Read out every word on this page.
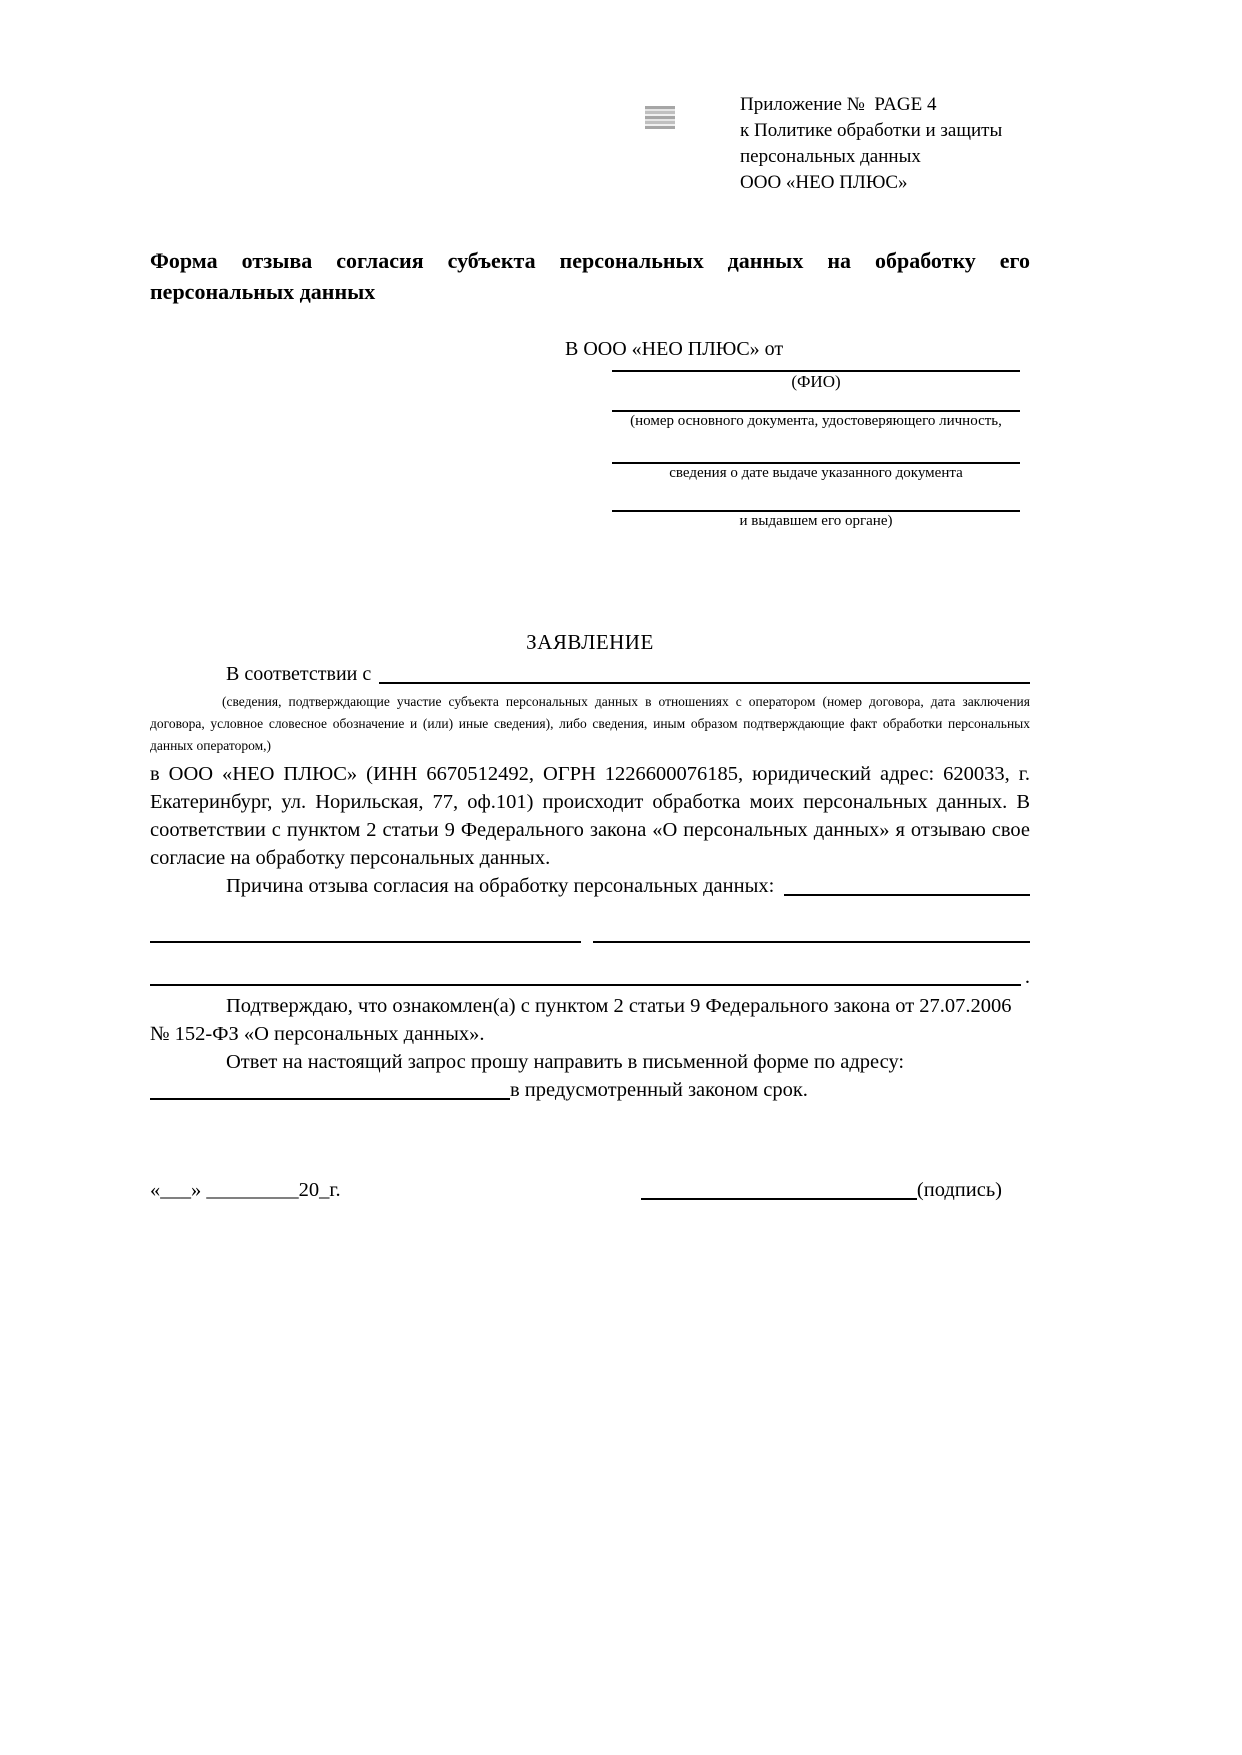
Приложение №  PAGE 4
к Политике обработки и защиты
персональных данных
ООО «НЕО ПЛЮС»
Форма отзыва согласия субъекта персональных данных на обработку его персональных данных
В ООО «НЕО ПЛЮС» от
(ФИО)
(номер основного документа, удостоверяющего личность,
сведения о дате выдаче указанного документа
и выдавшем его органе)
ЗАЯВЛЕНИЕ
В соответствии с
(сведения, подтверждающие участие субъекта персональных данных в отношениях с оператором (номер договора, дата заключения договора, условное словесное обозначение и (или) иные сведения), либо сведения, иным образом подтверждающие факт обработки персональных данных оператором,)
в ООО «НЕО ПЛЮС» (ИНН 6670512492, ОГРН 1226600076185, юридический адрес: 620033, г. Екатеринбург, ул. Норильская, 77, оф.101) происходит обработка моих персональных данных. В соответствии с пунктом 2 статьи 9 Федерального закона «О персональных данных» я отзываю свое согласие на обработку персональных данных.
Причина отзыва согласия на обработку персональных данных:
.
Подтверждаю, что ознакомлен(а) с пунктом 2 статьи 9 Федерального закона от 27.07.2006 № 152-ФЗ «О персональных данных».
Ответ на настоящий запрос прошу направить в письменной форме по адресу:
в предусмотренный законом срок.
«___» _________20_г.	(подпись)
